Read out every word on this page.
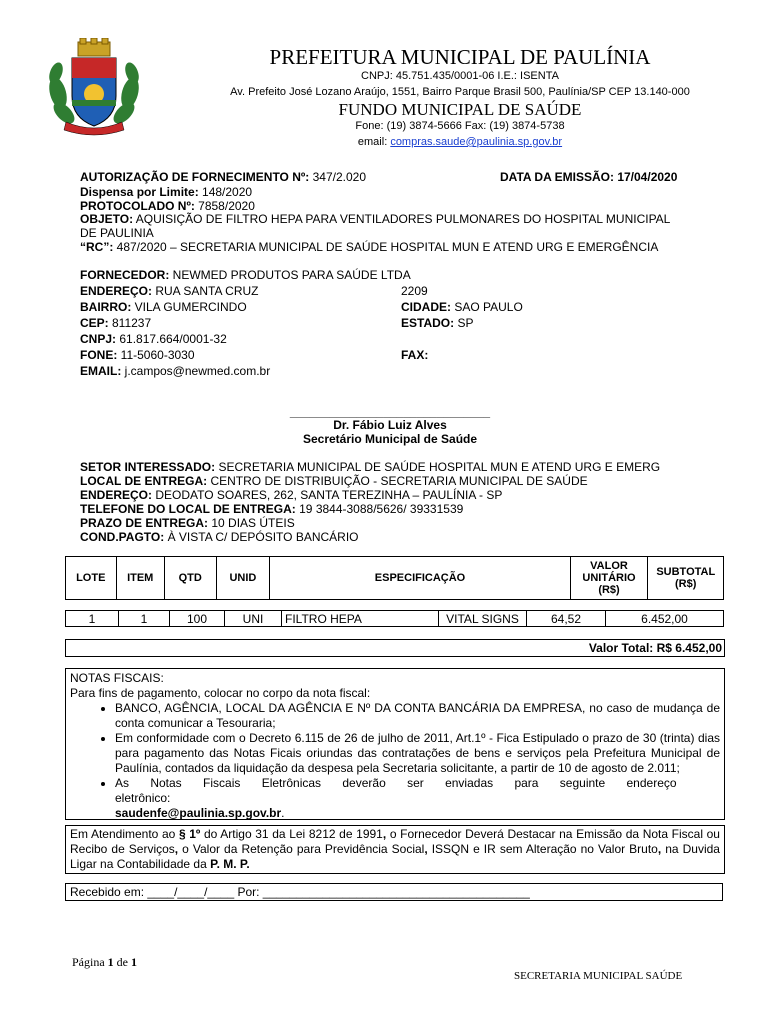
PREFEITURA MUNICIPAL DE PAULÍNIA
CNPJ: 45.751.435/0001-06 I.E.: ISENTA
Av. Prefeito José Lozano Araújo, 1551, Bairro Parque Brasil 500, Paulínia/SP CEP 13.140-000
FUNDO MUNICIPAL DE SAÚDE
Fone: (19) 3874-5666 Fax: (19) 3874-5738
email: compras.saude@paulinia.sp.gov.br
AUTORIZAÇÃO DE FORNECIMENTO Nº: 347/2.020	DATA DA EMISSÃO: 17/04/2020
Dispensa por Limite: 148/2020
PROTOCOLADO Nº: 7858/2020
OBJETO: AQUISIÇÃO DE FILTRO HEPA PARA VENTILADORES PULMONARES DO HOSPITAL MUNICIPAL
DE PAULINIA
“RC”: 487/2020 – SECRETARIA MUNICIPAL DE SAÚDE HOSPITAL MUN E ATEND URG E EMERGÊNCIA
FORNECEDOR: NEWMED PRODUTOS PARA SAÚDE LTDA
ENDEREÇO: RUA SANTA CRUZ	2209
BAIRRO: VILA GUMERCINDO	CIDADE: SAO PAULO
CEP: 811237	ESTADO: SP
CNPJ: 61.817.664/0001-32
FONE: 11-5060-3030	FAX:
EMAIL: j.campos@newmed.com.br
______________________________
Dr. Fábio Luiz Alves
Secretário Municipal de Saúde
SETOR INTERESSADO: SECRETARIA MUNICIPAL DE SAÚDE HOSPITAL MUN E ATEND URG E EMERG
LOCAL DE ENTREGA: CENTRO DE DISTRIBUIÇÃO - SECRETARIA MUNICIPAL DE SAÚDE
ENDEREÇO: DEODATO SOARES, 262, SANTA TEREZINHA – PAULÍNIA - SP
TELEFONE DO LOCAL DE ENTREGA: 19 3844-3088/5626/ 39331539
PRAZO DE ENTREGA: 10 DIAS ÚTEIS
COND.PAGTO: À VISTA C/ DEPÓSITO BANCÁRIO
LOTE	ITEM	QTD	UNID	ESPECIFICAÇÃO	VALOR UNITÁRIO (R$)	SUBTOTAL (R$)
1	1	100	UNI	FILTRO HEPA	VITAL SIGNS	64,52	6.452,00
Valor Total: R$ 6.452,00
NOTAS FISCAIS:
Para fins de pagamento, colocar no corpo da nota fiscal:
• BANCO, AGÊNCIA, LOCAL DA AGÊNCIA E Nº DA CONTA BANCÁRIA DA EMPRESA, no caso de mudança de conta comunicar a Tesouraria;
• Em conformidade com o Decreto 6.115 de 26 de julho de 2011, Art.1º - Fica Estipulado o prazo de 30 (trinta) dias para pagamento das Notas Ficais oriundas das contratações de bens e serviços pela Prefeitura Municipal de Paulínia, contados da liquidação da despesa pela Secretaria solicitante, a partir de 10 de agosto de 2.011;
• As Notas Fiscais Eletrônicas deverão ser enviadas para seguinte endereço eletrônico:
saudenfe@paulinia.sp.gov.br.
Em Atendimento ao § 1º do Artigo 31 da Lei 8212 de 1991, o Fornecedor Deverá Destacar na Emissão da Nota Fiscal ou Recibo de Serviços, o Valor da Retenção para Previdência Social, ISSQN e IR sem Alteração no Valor Bruto, na Duvida Ligar na Contabilidade da P. M. P.
Recebido em: ____/____/____ Por: ________________________________________
Página 1 de 1
SECRETARIA MUNICIPAL SAÚDE
